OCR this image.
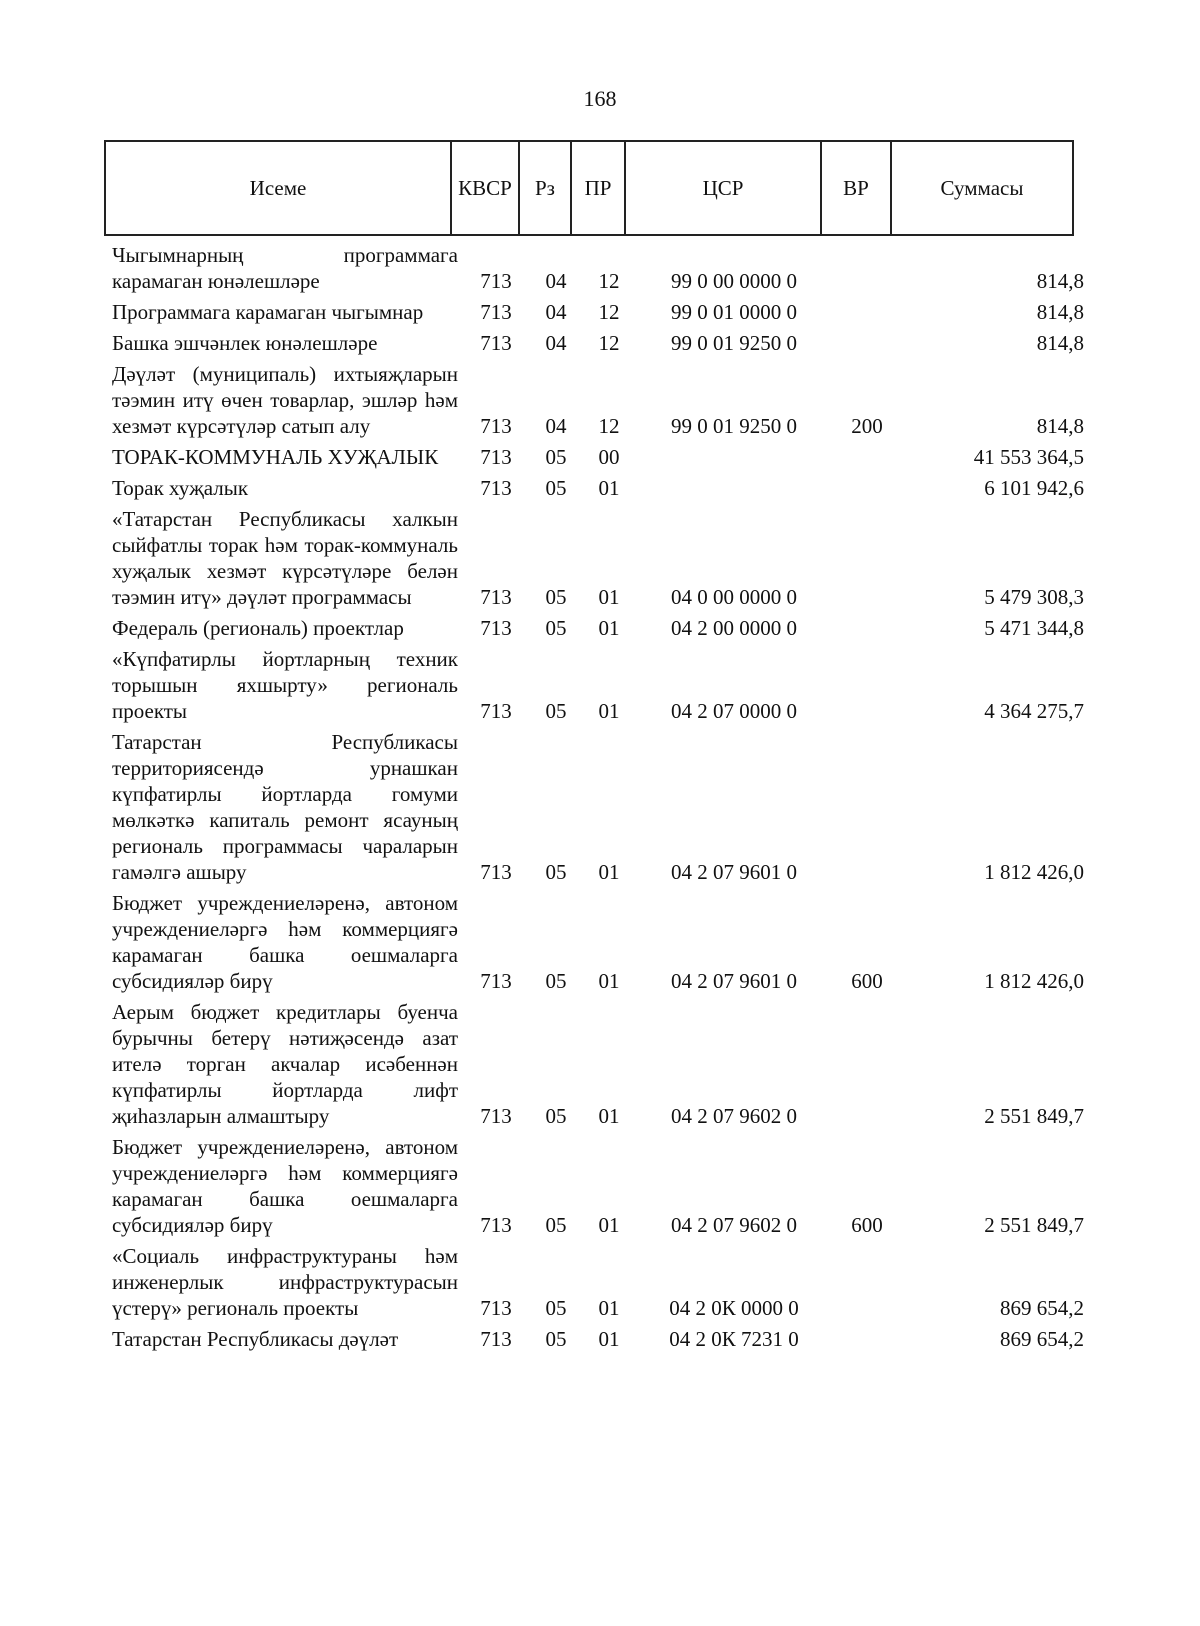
168
Исеме	КВСР	Рз	ПР	ЦСР	ВР	Суммасы
Чыгымнарның программага карамаган юнәлешләре	713	04	12	99 0 00 0000 0		814,8
Программага карамаган чыгымнар	713	04	12	99 0 01 0000 0		814,8
Башка эшчәнлек юнәлешләре	713	04	12	99 0 01 9250 0		814,8
Дәүләт (муниципаль) ихтыяҗларын тәэмин итү өчен товарлар, эшләр һәм хезмәт күрсәтүләр сатып алу	713	04	12	99 0 01 9250 0	200	814,8
ТОРАК-КОММУНАЛЬ ХУҖАЛЫК	713	05	00			41 553 364,5
Торак хуҗалык	713	05	01			6 101 942,6
«Татарстан Республикасы халкын сыйфатлы торак һәм торак-коммуналь хуҗалык хезмәт күрсәтүләре белән тәэмин итү» дәүләт программасы	713	05	01	04 0 00 0000 0		5 479 308,3
Федераль (региональ) проектлар	713	05	01	04 2 00 0000 0		5 471 344,8
«Күпфатирлы йортларның техник торышын яхшырту» региональ проекты	713	05	01	04 2 07 0000 0		4 364 275,7
Татарстан Республикасы территориясендә урнашкан күпфатирлы йортларда гомуми мөлкәткә капиталь ремонт ясауның региональ программасы чараларын гамәлгә ашыру	713	05	01	04 2 07 9601 0		1 812 426,0
Бюджет учреждениеләренә, автоном учреждениеләргә һәм коммерциягә карамаган башка оешмаларга субсидияләр бирү	713	05	01	04 2 07 9601 0	600	1 812 426,0
Аерым бюджет кредитлары буенча бурычны бетерү нәтиҗәсендә азат ителә торган акчалар исәбеннән күпфатирлы йортларда лифт җиһазларын алмаштыру	713	05	01	04 2 07 9602 0		2 551 849,7
Бюджет учреждениеләренә, автоном учреждениеләргә һәм коммерциягә карамаган башка оешмаларга субсидияләр бирү	713	05	01	04 2 07 9602 0	600	2 551 849,7
«Социаль инфраструктураны һәм инженерлык инфраструктурасын үстерү» региональ проекты	713	05	01	04 2 0К 0000 0		869 654,2
Татарстан Республикасы дәүләт	713	05	01	04 2 0К 7231 0		869 654,2
